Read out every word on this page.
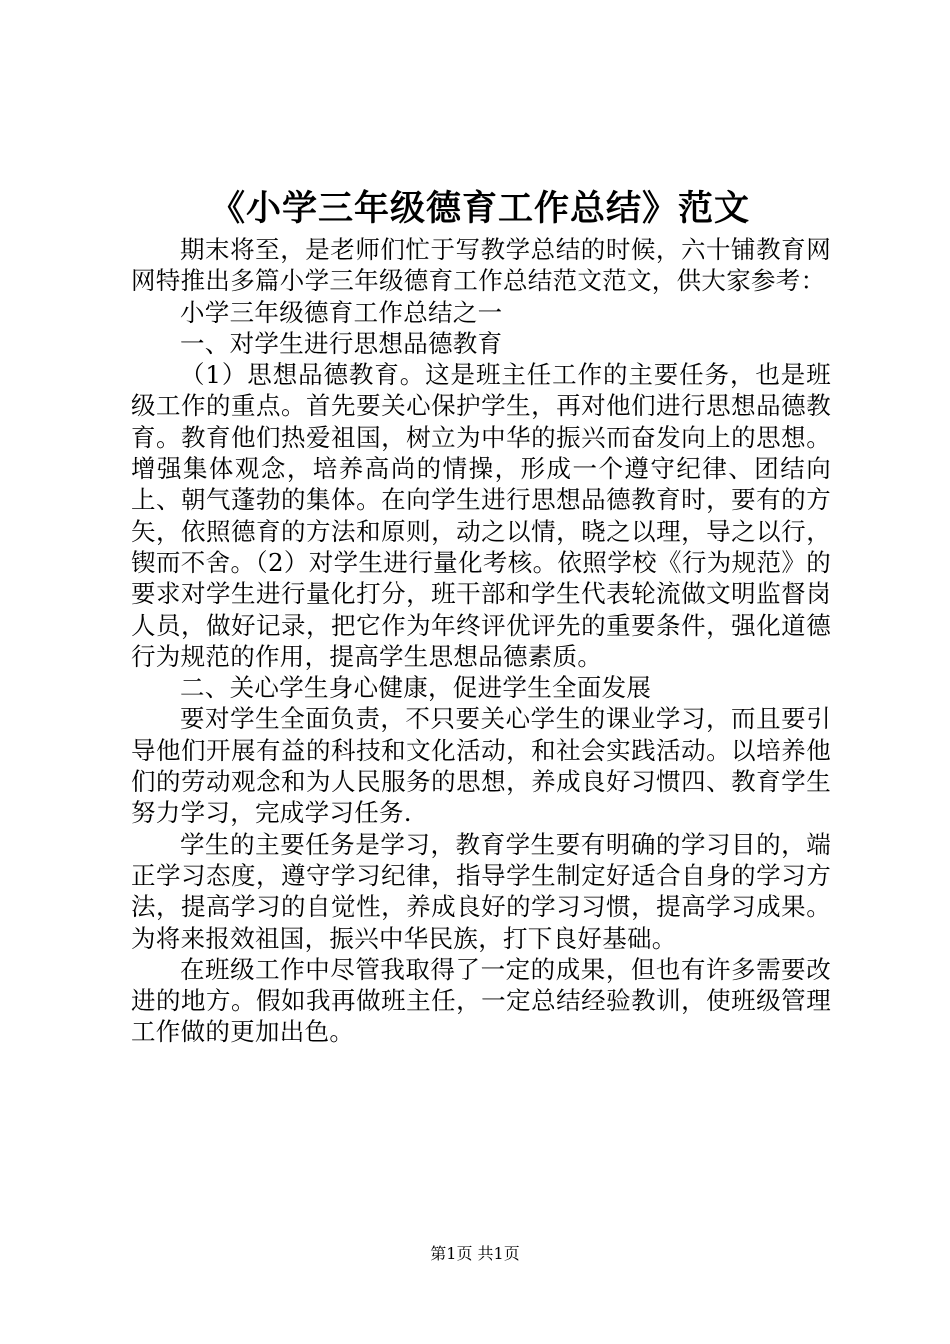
《小学三年级德育工作总结》范文

期末将至，是老师们忙于写教学总结的时候，六十铺教育网网特推出多篇小学三年级德育工作总结范文范文，供大家参考：

小学三年级德育工作总结之一

一、对学生进行思想品德教育

（1）思想品德教育。这是班主任工作的主要任务，也是班级工作的重点。首先要关心保护学生，再对他们进行思想品德教育。教育他们热爱祖国，树立为中华的振兴而奋发向上的思想。增强集体观念，培养高尚的情操，形成一个遵守纪律、团结向上、朝气蓬勃的集体。在向学生进行思想品德教育时，要有的方矢，依照德育的方法和原则，动之以情，晓之以理，导之以行，锲而不舍。（2）对学生进行量化考核。依照学校《行为规范》的要求对学生进行量化打分，班干部和学生代表轮流做文明监督岗人员，做好记录，把它作为年终评优评先的重要条件，强化道德行为规范的作用，提高学生思想品德素质。

二、关心学生身心健康，促进学生全面发展

要对学生全面负责，不只要关心学生的课业学习，而且要引导他们开展有益的科技和文化活动，和社会实践活动。以培养他们的劳动观念和为人民服务的思想，养成良好习惯四、教育学生努力学习，完成学习任务.

学生的主要任务是学习，教育学生要有明确的学习目的，端正学习态度，遵守学习纪律，指导学生制定好适合自身的学习方法，提高学习的自觉性，养成良好的学习习惯，提高学习成果。为将来报效祖国，振兴中华民族，打下良好基础。

在班级工作中尽管我取得了一定的成果，但也有许多需要改进的地方。假如我再做班主任，一定总结经验教训，使班级管理工作做的更加出色。

第1页 共1页
